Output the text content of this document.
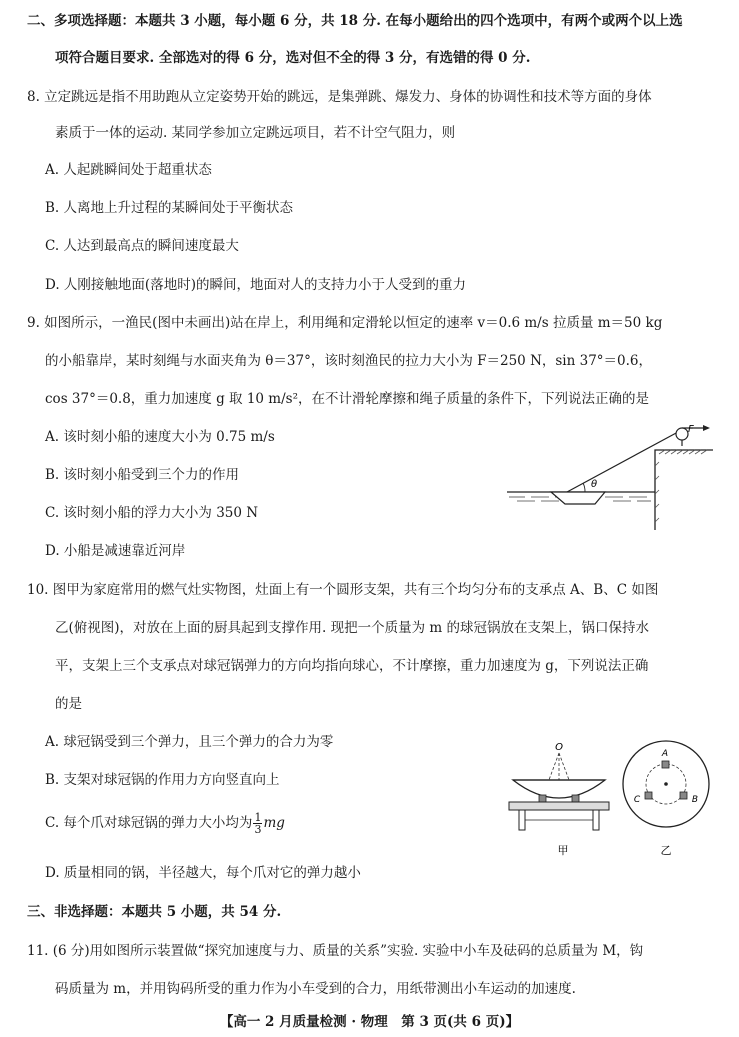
二、多项选择题：本题共 3 小题，每小题 6 分，共 18 分. 在每小题给出的四个选项中，有两个或两个以上选
项符合题目要求. 全部选对的得 6 分，选对但不全的得 3 分，有选错的得 0 分.
8. 立定跳远是指不用助跑从立定姿势开始的跳远，是集弹跳、爆发力、身体的协调性和技术等方面的身体
素质于一体的运动. 某同学参加立定跳远项目，若不计空气阻力，则
A. 人起跳瞬间处于超重状态
B. 人离地上升过程的某瞬间处于平衡状态
C. 人达到最高点的瞬间速度最大
D. 人刚接触地面(落地时)的瞬间，地面对人的支持力小于人受到的重力
9. 如图所示，一渔民(图中未画出)站在岸上，利用绳和定滑轮以恒定的速率 v＝0.6 m/s 拉质量 m＝50 kg
的小船靠岸，某时刻绳与水面夹角为 θ＝37°，该时刻渔民的拉力大小为 F＝250 N，sin 37°＝0.6，
cos 37°＝0.8，重力加速度 g 取 10 m/s²，在不计滑轮摩擦和绳子质量的条件下，下列说法正确的是
A. 该时刻小船的速度大小为 0.75 m/s
B. 该时刻小船受到三个力的作用
C. 该时刻小船的浮力大小为 350 N
D. 小船是减速靠近河岸
θ
F
10. 图甲为家庭常用的燃气灶实物图，灶面上有一个圆形支架，共有三个均匀分布的支承点 A、B、C 如图
乙(俯视图)，对放在上面的厨具起到支撑作用. 现把一个质量为 m 的球冠锅放在支架上，锅口保持水
平，支架上三个支承点对球冠锅弹力的方向均指向球心，不计摩擦，重力加速度为 g，下列说法正确
的是
A. 球冠锅受到三个弹力，且三个弹力的合力为零
B. 支架对球冠锅的作用力方向竖直向上
C. 每个爪对球冠锅的弹力大小均为 $\frac{1}{3}$ mg
D. 质量相同的锅，半径越大，每个爪对它的弹力越小
O
甲
A
C	B
乙
三、非选择题：本题共 5 小题，共 54 分.
11. (6 分)用如图所示装置做“探究加速度与力、质量的关系”实验. 实验中小车及砝码的总质量为 M，钩
码质量为 m，并用钩码所受的重力作为小车受到的合力，用纸带测出小车运动的加速度.
【高一 2 月质量检测 · 物理　第 3 页(共 6 页)】
